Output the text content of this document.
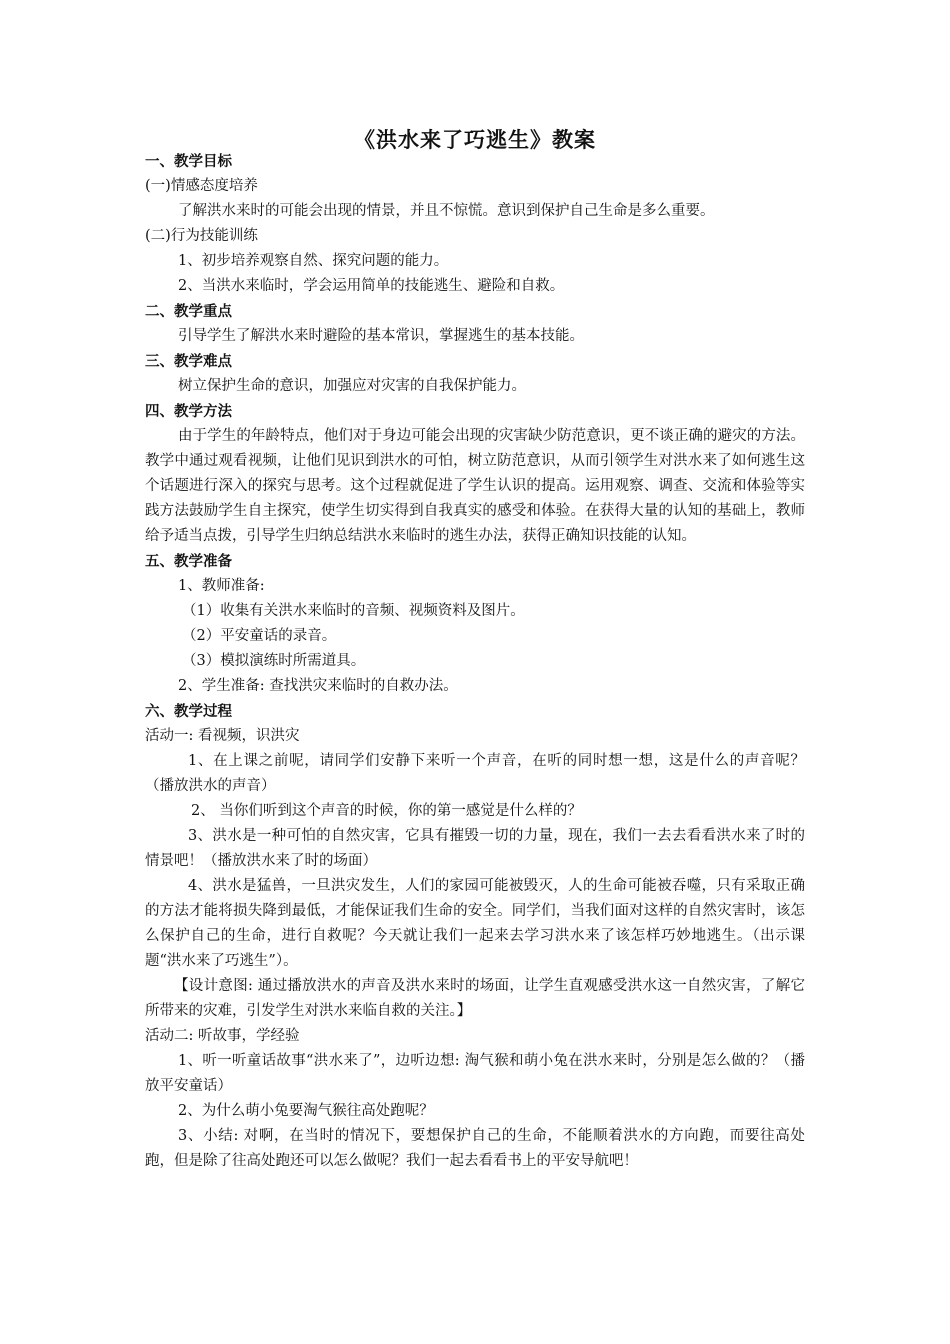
《洪水来了巧逃生》教案
一、教学目标
(一)情感态度培养
了解洪水来时的可能会出现的情景，并且不惊慌。意识到保护自己生命是多么重要。
(二)行为技能训练
1、初步培养观察自然、探究问题的能力。
2、当洪水来临时，学会运用简单的技能逃生、避险和自救。
二、教学重点
引导学生了解洪水来时避险的基本常识，掌握逃生的基本技能。
三、教学难点
树立保护生命的意识，加强应对灾害的自我保护能力。
四、教学方法
由于学生的年龄特点，他们对于身边可能会出现的灾害缺少防范意识，更不谈正确的避灾的方法。教学中通过观看视频，让他们见识到洪水的可怕，树立防范意识，从而引领学生对洪水来了如何逃生这个话题进行深入的探究与思考。这个过程就促进了学生认识的提高。运用观察、调查、交流和体验等实践方法鼓励学生自主探究，使学生切实得到自我真实的感受和体验。在获得大量的认知的基础上，教师给予适当点拨，引导学生归纳总结洪水来临时的逃生办法，获得正确知识技能的认知。
五、教学准备
1、教师准备:
（1）收集有关洪水来临时的音频、视频资料及图片。
（2）平安童话的录音。
（3）模拟演练时所需道具。
2、学生准备: 查找洪灾来临时的自救办法。
六、教学过程
活动一: 看视频，识洪灾
1、在上课之前呢，请同学们安静下来听一个声音，在听的同时想一想，这是什么的声音呢？（播放洪水的声音）
2、 当你们听到这个声音的时候，你的第一感觉是什么样的？
3、洪水是一种可怕的自然灾害，它具有摧毁一切的力量，现在，我们一去去看看洪水来了时的情景吧！（播放洪水来了时的场面）
4、洪水是猛兽，一旦洪灾发生，人们的家园可能被毁灭，人的生命可能被吞噬，只有采取正确的方法才能将损失降到最低，才能保证我们生命的安全。同学们，当我们面对这样的自然灾害时，该怎么保护自己的生命，进行自救呢？今天就让我们一起来去学习洪水来了该怎样巧妙地逃生。（出示课题“洪水来了巧逃生”）。
【设计意图: 通过播放洪水的声音及洪水来时的场面，让学生直观感受洪水这一自然灾害，了解它所带来的灾难，引发学生对洪水来临自救的关注。】
活动二: 听故事，学经验
1、听一听童话故事“洪水来了”，边听边想: 淘气猴和萌小兔在洪水来时，分别是怎么做的？（播放平安童话）
2、为什么萌小兔要淘气猴往高处跑呢？
3、小结: 对啊，在当时的情况下，要想保护自己的生命，不能顺着洪水的方向跑，而要往高处跑，但是除了往高处跑还可以怎么做呢？我们一起去看看书上的平安导航吧！
